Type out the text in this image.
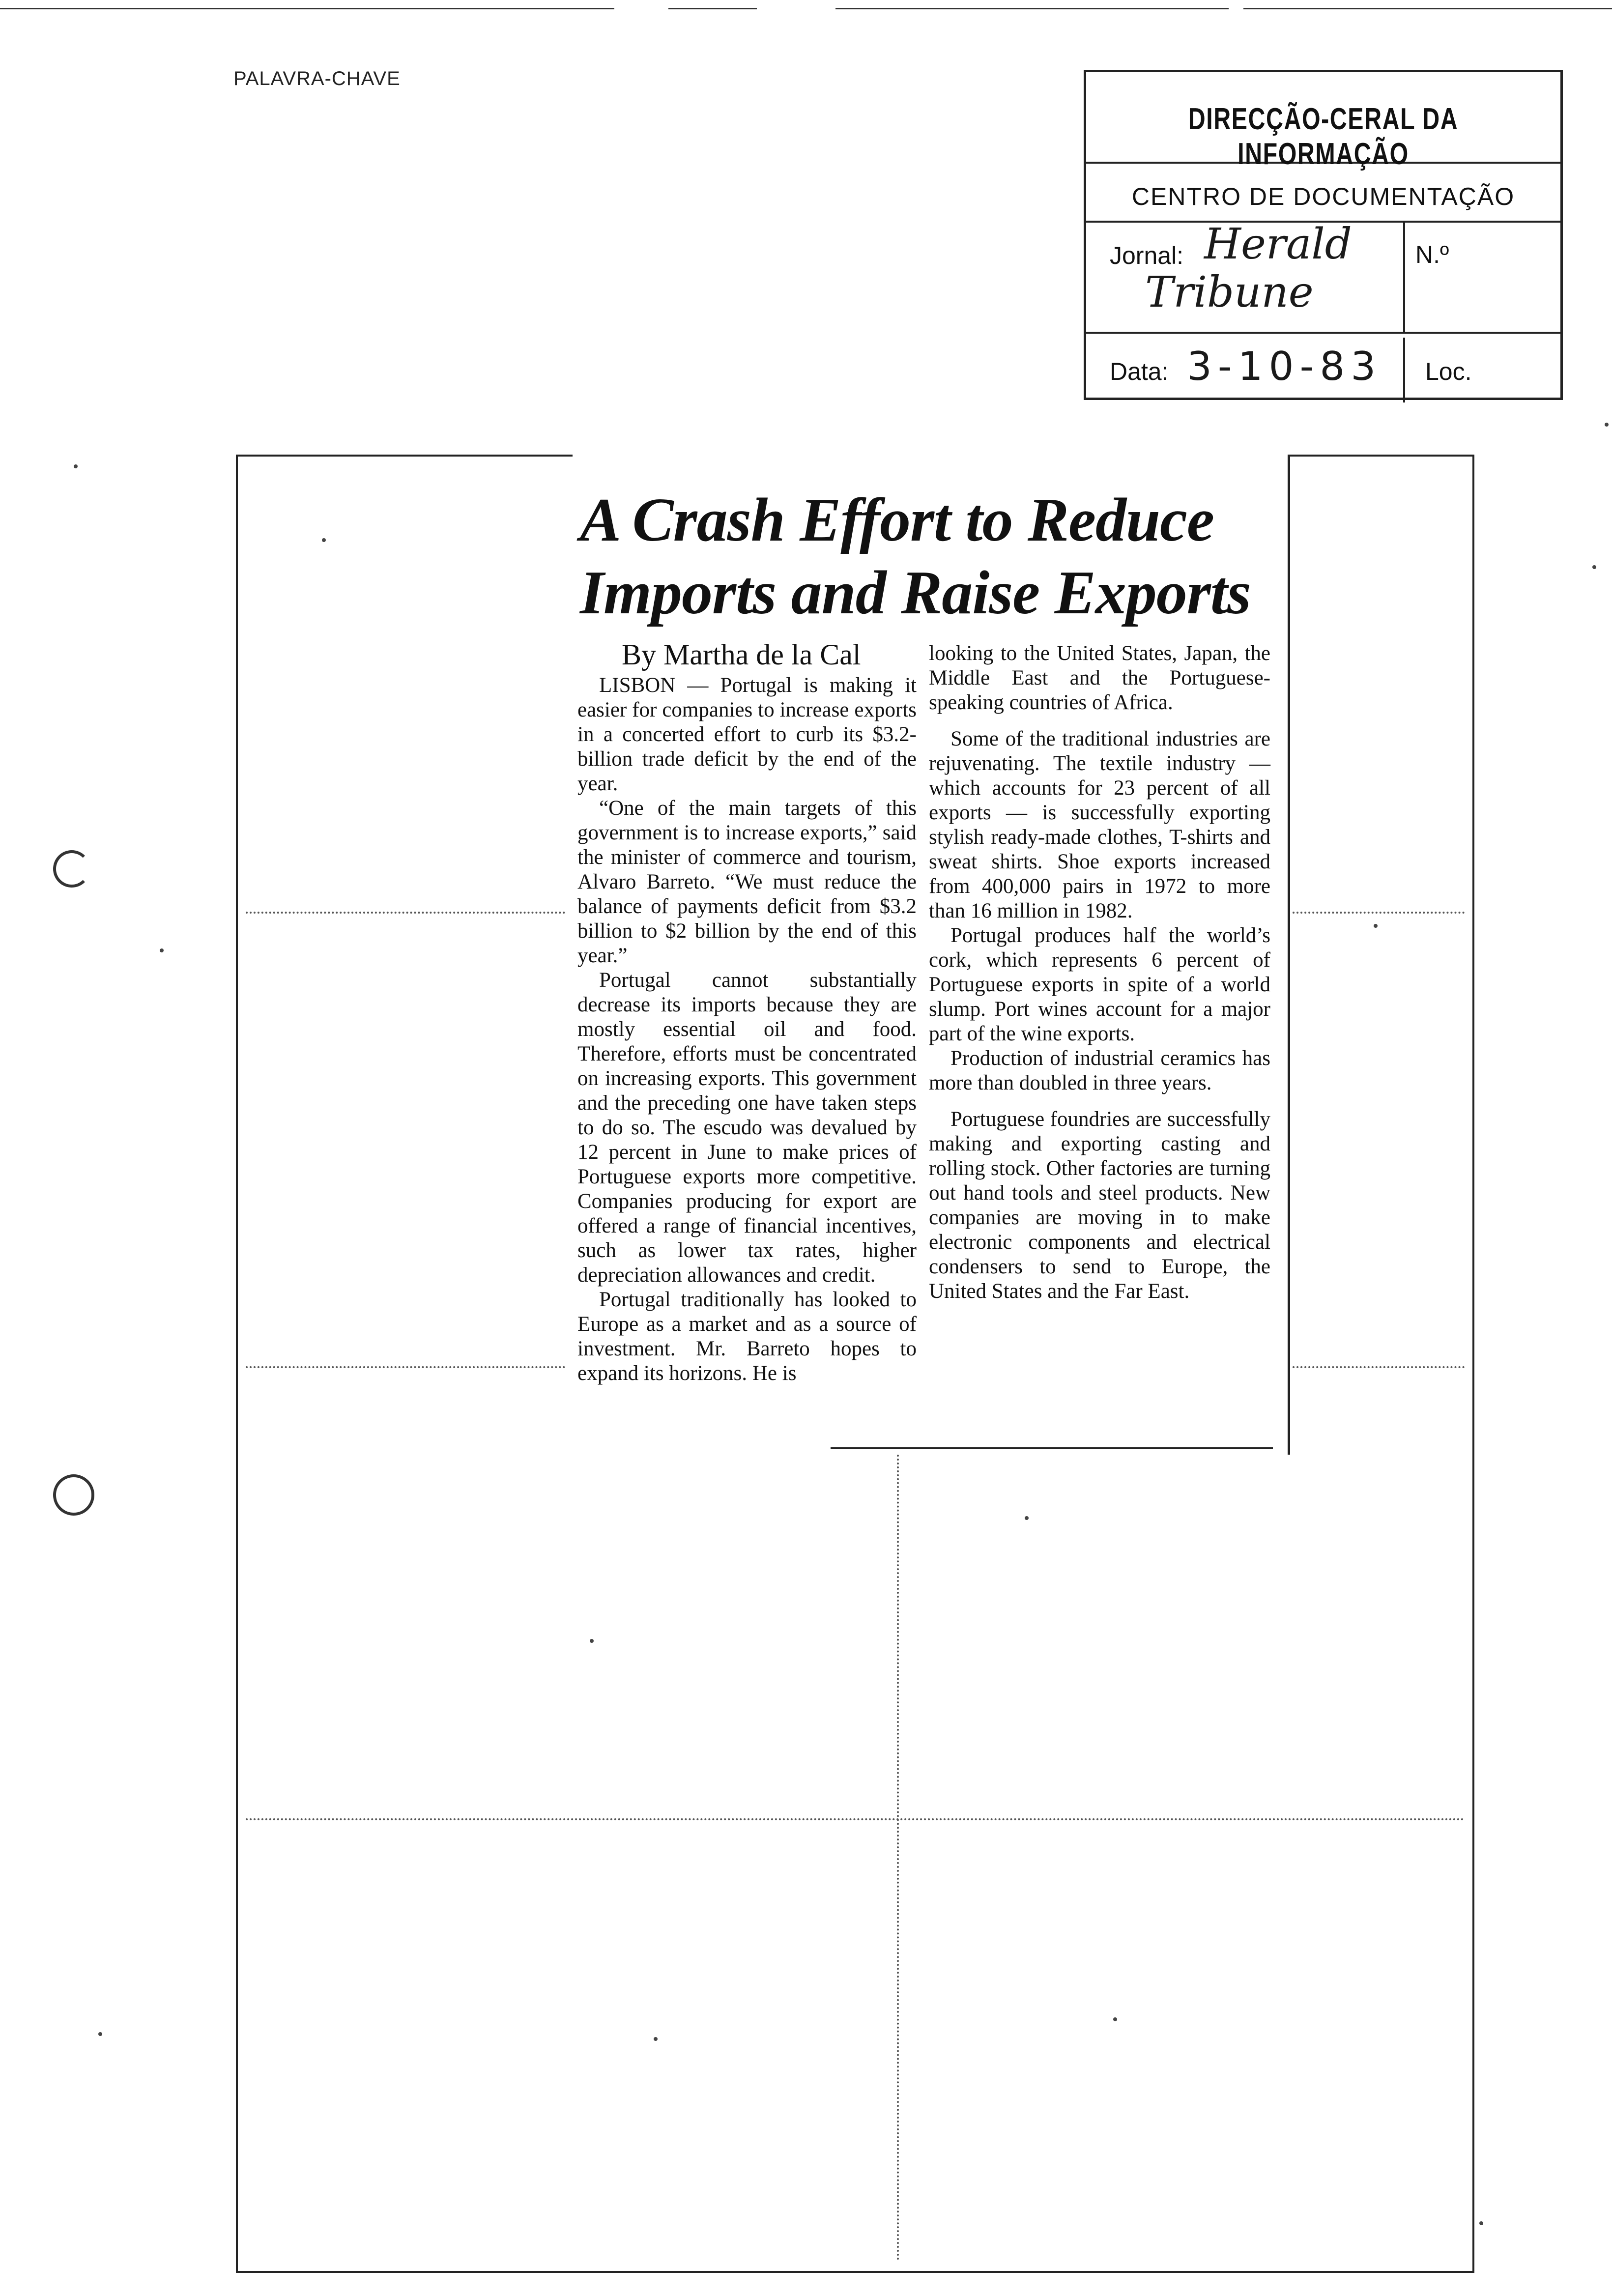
PALAVRA-CHAVE
DIRECÇÃO-CERAL DA INFORMAÇÃO
CENTRO DE DOCUMENTAÇÃO
Jornal: Herald
Tribune
N.º
Data: 3-10-83 Loc.
A Crash Effort to Reduce
Imports and Raise Exports
By Martha de la Cal

LISBON — Portugal is making it easier for companies to increase exports in a concerted effort to curb its $3.2-billion trade deficit by the end of the year.

“One of the main targets of this government is to increase exports,” said the minister of commerce and tourism, Alvaro Barreto. “We must reduce the balance of payments deficit from $3.2 billion to $2 billion by the end of this year.”

Portugal cannot substantially decrease its imports because they are mostly essential oil and food. Therefore, efforts must be concentrated on increasing exports. This government and the preceding one have taken steps to do so. The escudo was devalued by 12 percent in June to make prices of Portuguese exports more competitive. Companies producing for export are offered a range of financial incentives, such as lower tax rates, higher depreciation allowances and credit.

Portugal traditionally has looked to Europe as a market and as a source of investment. Mr. Barreto hopes to expand its horizons. He is

looking to the United States, Japan, the Middle East and the Portuguese-speaking countries of Africa.

Some of the traditional industries are rejuvenating. The textile industry — which accounts for 23 percent of all exports — is successfully exporting stylish ready-made clothes, T-shirts and sweat shirts. Shoe exports increased from 400,000 pairs in 1972 to more than 16 million in 1982.

Portugal produces half the world’s cork, which represents 6 percent of Portuguese exports in spite of a world slump. Port wines account for a major part of the wine exports.

Production of industrial ceramics has more than doubled in three years.

Portuguese foundries are successfully making and exporting casting and rolling stock. Other factories are turning out hand tools and steel products. New companies are moving in to make electronic components and electrical condensers to send to Europe, the United States and the Far East.
